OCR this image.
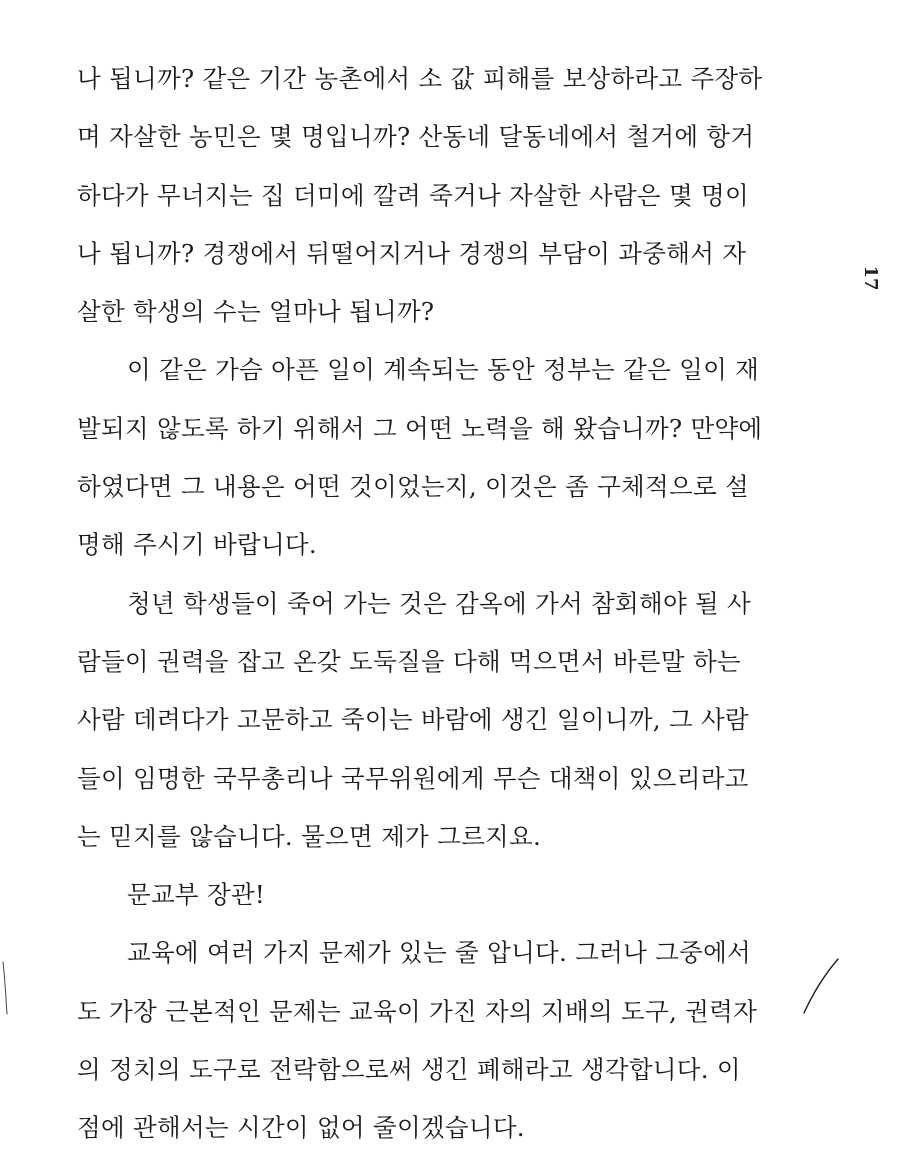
나 됩니까? 같은 기간 농촌에서 소 값 피해를 보상하라고 주장하
며 자살한 농민은 몇 명입니까? 산동네 달동네에서 철거에 항거
하다가 무너지는 집 더미에 깔려 죽거나 자살한 사람은 몇 명이
나 됩니까? 경쟁에서 뒤떨어지거나 경쟁의 부담이 과중해서 자
살한 학생의 수는 얼마나 됩니까?
이 같은 가슴 아픈 일이 계속되는 동안 정부는 같은 일이 재
발되지 않도록 하기 위해서 그 어떤 노력을 해 왔습니까? 만약에
하였다면 그 내용은 어떤 것이었는지, 이것은 좀 구체적으로 설
명해 주시기 바랍니다.
청년 학생들이 죽어 가는 것은 감옥에 가서 참회해야 될 사
람들이 권력을 잡고 온갖 도둑질을 다해 먹으면서 바른말 하는
사람 데려다가 고문하고 죽이는 바람에 생긴 일이니까, 그 사람
들이 임명한 국무총리나 국무위원에게 무슨 대책이 있으리라고
는 믿지를 않습니다. 물으면 제가 그르지요.
문교부 장관!
교육에 여러 가지 문제가 있는 줄 압니다. 그러나 그중에서
도 가장 근본적인 문제는 교육이 가진 자의 지배의 도구, 권력자
의 정치의 도구로 전락함으로써 생긴 폐해라고 생각합니다. 이
점에 관해서는 시간이 없어 줄이겠습니다.
17
